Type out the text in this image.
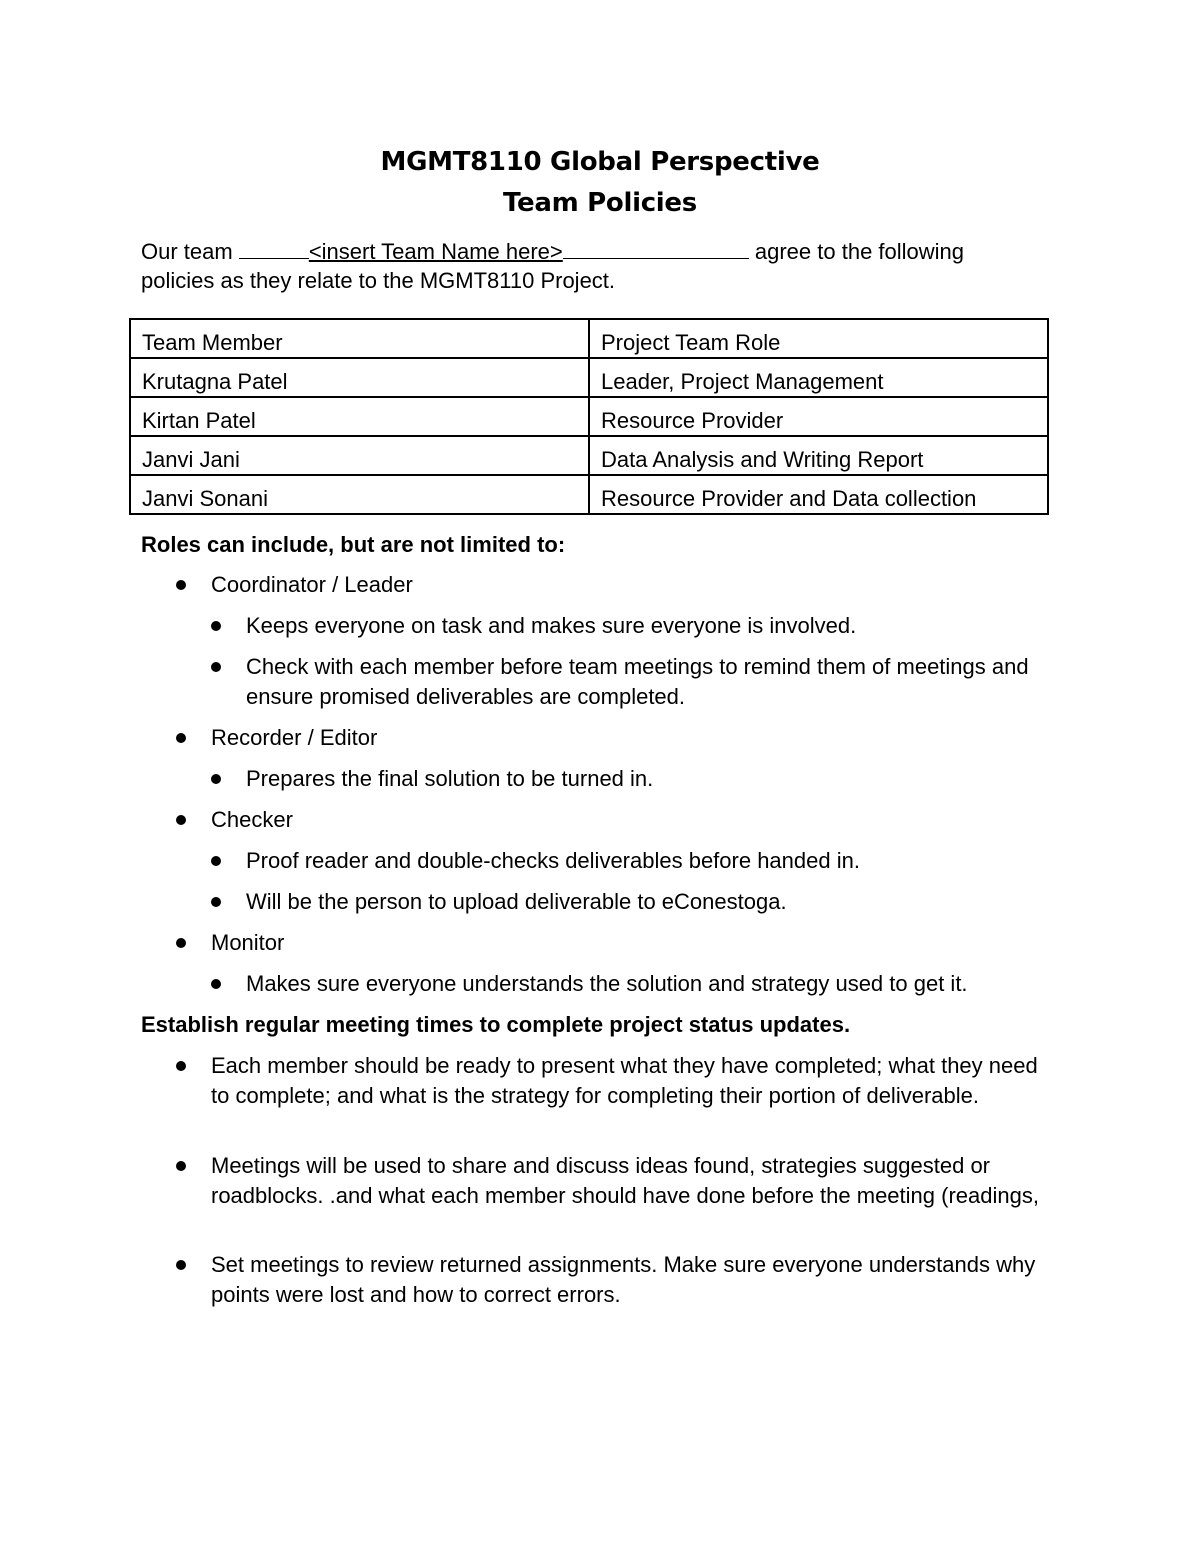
MGMT8110 Global Perspective
Team Policies
Our team	<insert Team Name here>	agree to the following
policies as they relate to the MGMT8110 Project.
Team Member	Project Team Role
Krutagna Patel	Leader, Project Management
Kirtan Patel	Resource Provider
Janvi Jani	Data Analysis and Writing Report
Janvi Sonani	Resource Provider and Data collection
Roles can include, but are not limited to:
Coordinator / Leader
Keeps everyone on task and makes sure everyone is involved.
Check with each member before team meetings to remind them of meetings and ensure promised deliverables are completed.
Recorder / Editor
Prepares the final solution to be turned in.
Checker
Proof reader and double-checks deliverables before handed in.
Will be the person to upload deliverable to eConestoga.
Monitor
Makes sure everyone understands the solution and strategy used to get it.
Establish regular meeting times to complete project status updates.
Each member should be ready to present what they have completed; what they need to complete; and what is the strategy for completing their portion of deliverable.
Meetings will be used to share and discuss ideas found, strategies suggested or roadblocks. .and what each member should have done before the meeting (readings,
Set meetings to review returned assignments. Make sure everyone understands why points were lost and how to correct errors.
